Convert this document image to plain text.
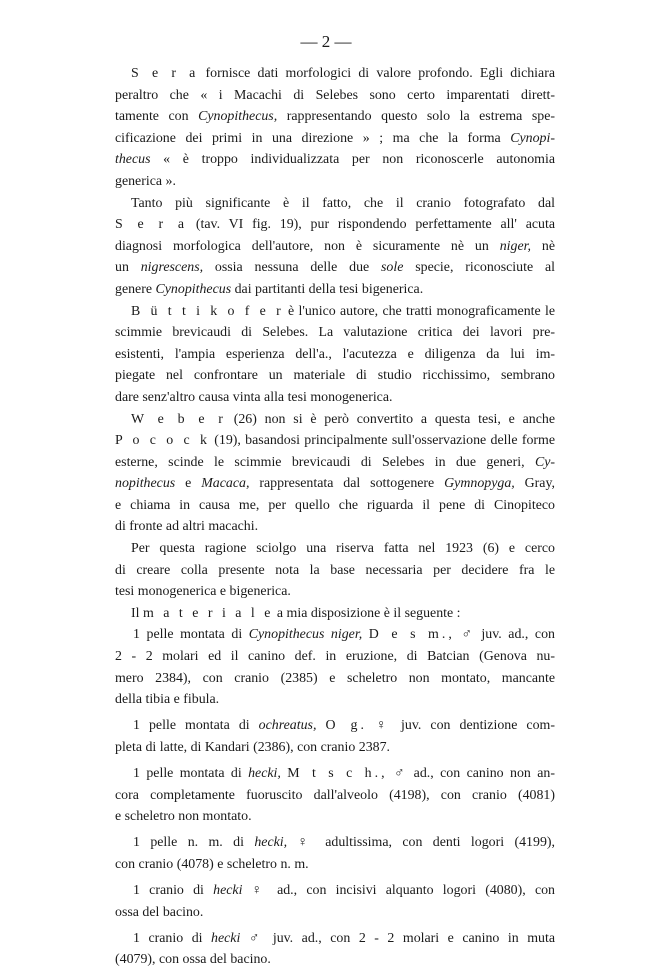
— 2 —
S e r a fornisce dati morfologici di valore profondo. Egli dichiara
peraltro che « i Macachi di Selebes sono certo imparentati dirett-
tamente con Cynopithecus, rappresentando questo solo la estrema spe-
cificazione dei primi in una direzione » ; ma che la forma Cynopi-
thecus « è troppo individualizzata per non riconoscerle autonomia
generica ».
Tanto più significante è il fatto, che il cranio fotografato dal
S e r a (tav. VI fig. 19), pur rispondendo perfettamente all' acuta
diagnosi morfologica dell'autore, non è sicuramente nè un niger, nè
un nigrescens, ossia nessuna delle due sole specie, riconosciute al
genere Cynopithecus dai partitanti della tesi bigenerica.
B ü t t i k o f e r è l'unico autore, che tratti monograficamente le
scimmie brevicaudi di Selebes. La valutazione critica dei lavori pre-
esistenti, l'ampia esperienza dell'a., l'acutezza e diligenza da lui im-
piegate nel confrontare un materiale di studio ricchissimo, sembrano
dare senz'altro causa vinta alla tesi monogenerica.
W e b e r (26) non si è però convertito a questa tesi, e anche
P o c o c k (19), basandosi principalmente sull'osservazione delle forme
esterne, scinde le scimmie brevicaudi di Selebes in due generi, Cy-
nopithecus e Macaca, rappresentata dal sottogenere Gymnopyga, Gray,
e chiama in causa me, per quello che riguarda il pene di Cinopiteco
di fronte ad altri macachi.
Per questa ragione sciolgo una riserva fatta nel 1923 (6) e cerco
di creare colla presente nota la base necessaria per decidere fra le
tesi monogenerica e bigenerica.
Il m a t e r i a l e a mia disposizione è il seguente :
1 pelle montata di Cynopithecus niger, D e s m., ♂ juv. ad., con
2 - 2 molari ed il canino def. in eruzione, di Batcian (Genova nu-
mero 2384), con cranio (2385) e scheletro non montato, mancante
della tibia e fibula.
1 pelle montata di ochreatus, O g. ♀ juv. con dentizione com-
pleta di latte, di Kandari (2386), con cranio 2387.
1 pelle montata di hecki, M t s c h., ♂ ad., con canino non an-
cora completamente fuoruscito dall'alveolo (4198), con cranio (4081)
e scheletro non montato.
1 pelle n. m. di hecki, ♀ adultissima, con denti logori (4199),
con cranio (4078) e scheletro n. m.
1 cranio di hecki ♀ ad., con incisivi alquanto logori (4080), con
ossa del bacino.
1 cranio di hecki ♂ juv. ad., con 2 - 2 molari e canino in muta
(4079), con ossa del bacino.
